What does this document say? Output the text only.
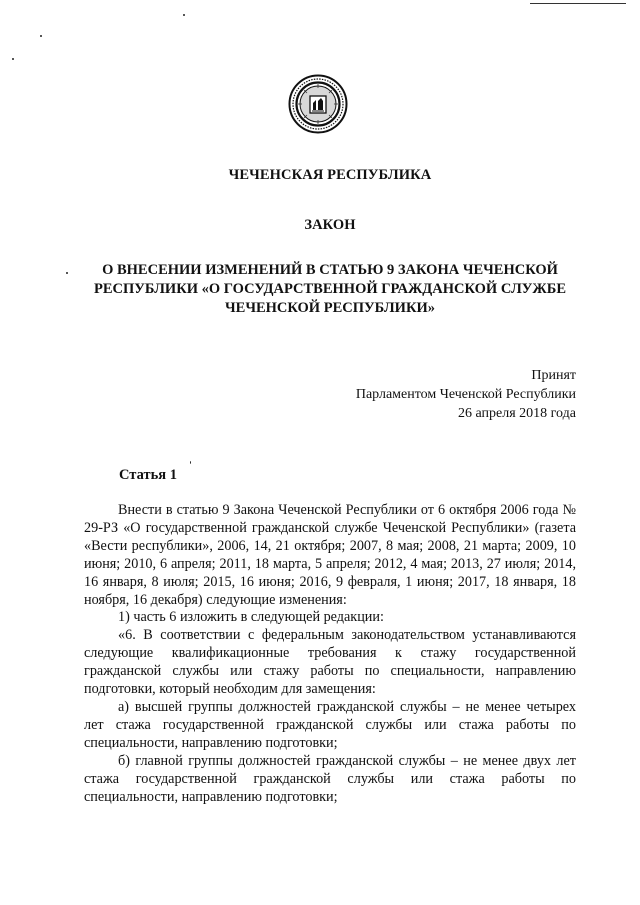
ЧЕЧЕНСКАЯ РЕСПУБЛИКА
ЗАКОН
О ВНЕСЕНИИ ИЗМЕНЕНИЙ В СТАТЬЮ 9 ЗАКОНА ЧЕЧЕНСКОЙ
РЕСПУБЛИКИ «О ГОСУДАРСТВЕННОЙ ГРАЖДАНСКОЙ СЛУЖБЕ
ЧЕЧЕНСКОЙ РЕСПУБЛИКИ»
Принят
Парламентом Чеченской Республики
26 апреля 2018 года
Статья 1

Внести в статью 9 Закона Чеченской Республики от 6 октября 2006 года № 29-РЗ «О государственной гражданской службе Чеченской Республики» (газета «Вести республики», 2006, 14, 21 октября; 2007, 8 мая; 2008, 21 марта; 2009, 10 июня; 2010, 6 апреля; 2011, 18 марта, 5 апреля; 2012, 4 мая; 2013, 27 июля; 2014, 16 января, 8 июля; 2015, 16 июня; 2016, 9 февраля, 1 июня; 2017, 18 января, 18 ноября, 16 декабря) следующие изменения:

1) часть 6 изложить в следующей редакции:

«6. В соответствии с федеральным законодательством устанавливаются следующие квалификационные требования к стажу государственной гражданской службы или стажу работы по специальности, направлению подготовки, который необходим для замещения:

а) высшей группы должностей гражданской службы – не менее четырех лет стажа государственной гражданской службы или стажа работы по специальности, направлению подготовки;

б) главной группы должностей гражданской службы – не менее двух лет стажа государственной гражданской службы или стажа работы по специальности, направлению подготовки;
